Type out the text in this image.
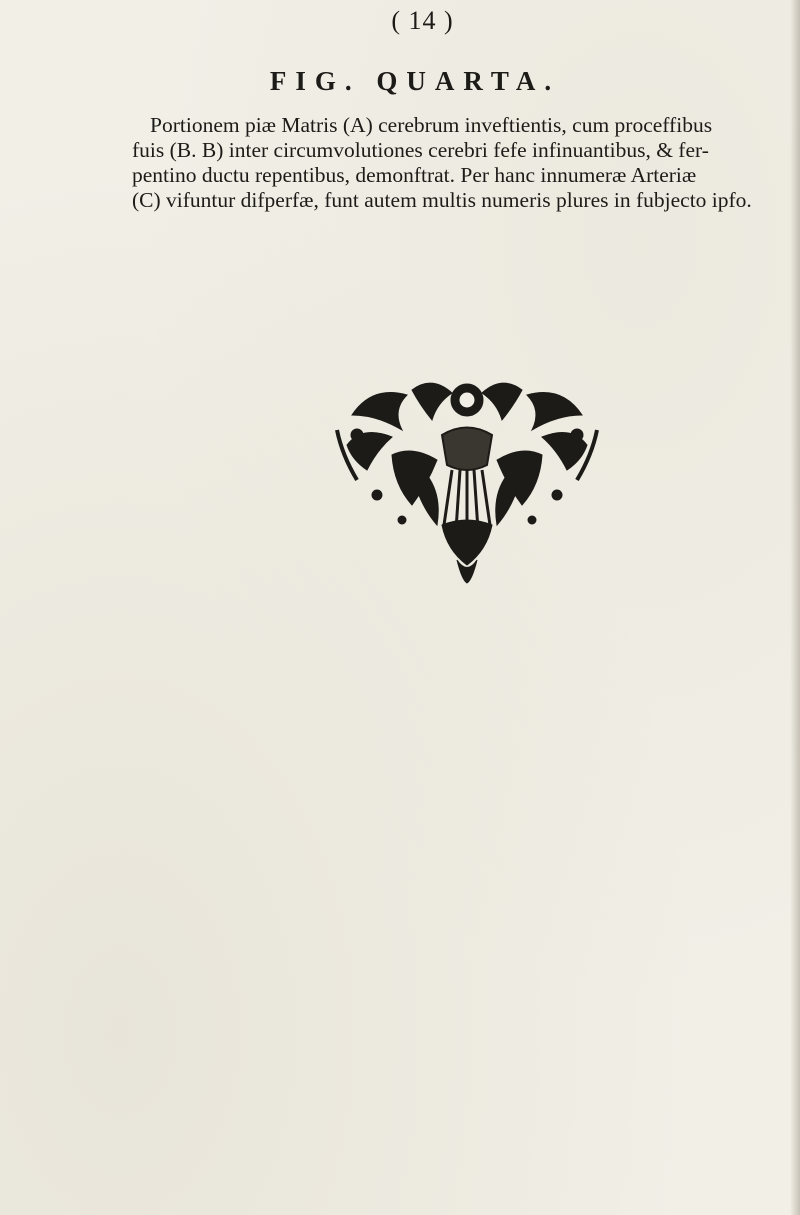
( 14 )
FIG. QUARTA.
Portionem piæ Matris (A) cerebrum inveftientis, cum proceffibus
fuis (B. B) inter circumvolutiones cerebri fefe infinuantibus, & fer-
pentino ductu repentibus, demonftrat. Per hanc innumeræ Arteriæ
(C) vifuntur difperfæ, funt autem multis numeris plures in fubjecto ipfo.
